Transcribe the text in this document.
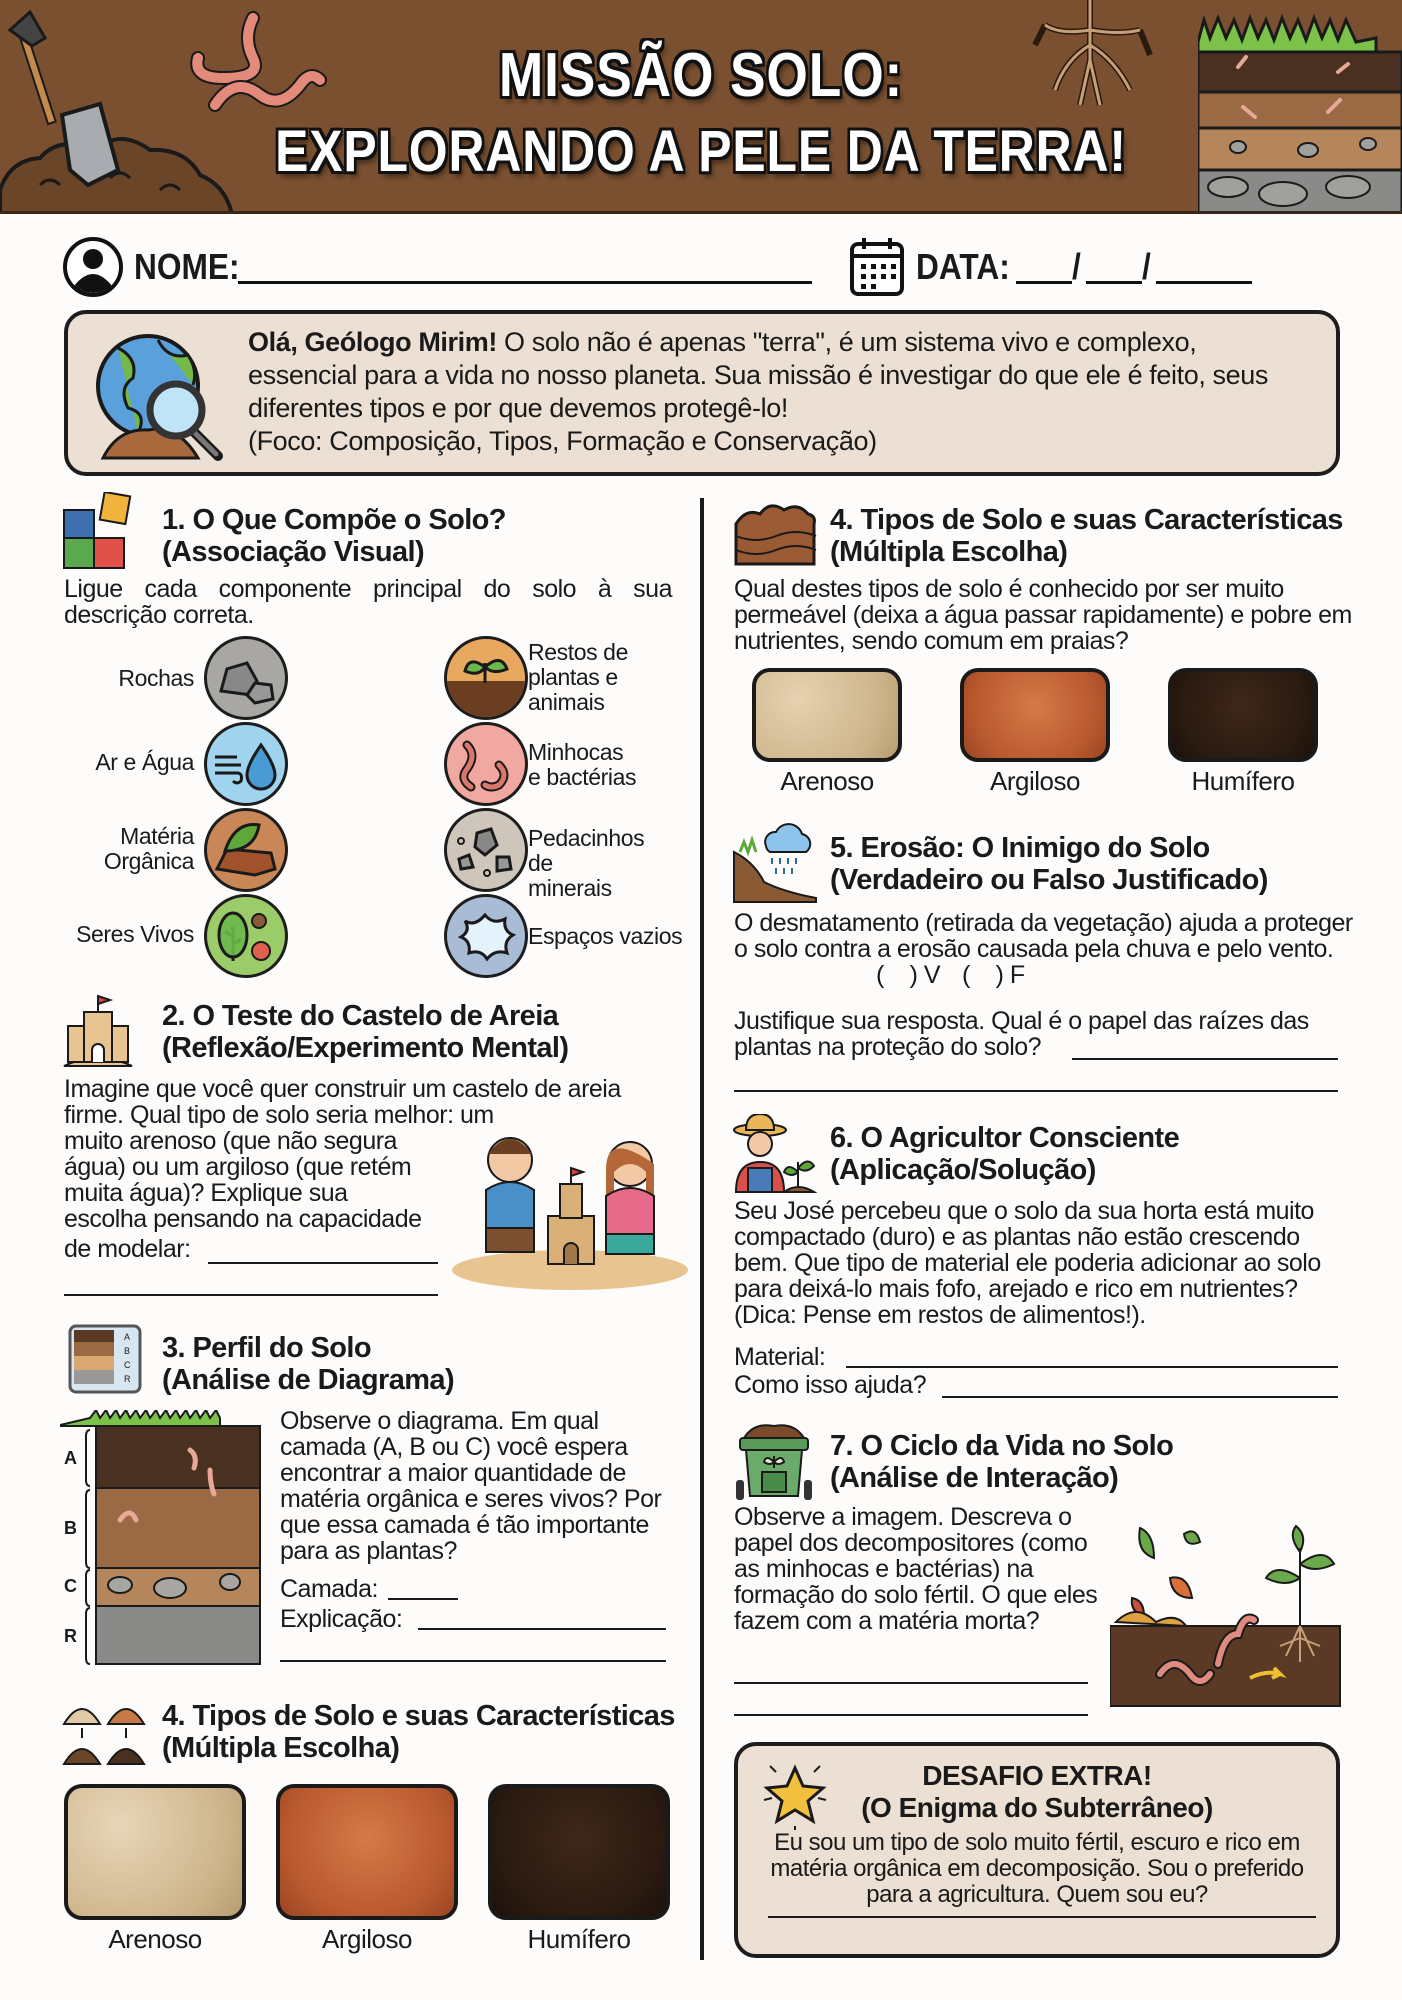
MISSÃO SOLO:
EXPLORANDO A PELE DA TERRA!
NOME:	DATA: / /
Olá, Geólogo Mirim! O solo não é apenas "terra", é um sistema vivo e complexo, essencial para a vida no nosso planeta. Sua missão é investigar do que ele é feito, seus diferentes tipos e por que devemos protegê-lo!
(Foco: Composição, Tipos, Formação e Conservação)
1. O Que Compõe o Solo?
(Associação Visual)
Ligue cada componente principal do solo à sua descrição correta.
Rochas
Ar e Água
Matéria Orgânica
Seres Vivos
Restos de plantas e animais
Minhocas e bactérias
Pedacinhos de minerais
Espaços vazios
2. O Teste do Castelo de Areia
(Reflexão/Experimento Mental)
Imagine que você quer construir um castelo de areia firme. Qual tipo de solo seria melhor: um
muito arenoso (que não segura
água) ou um argiloso (que retém
muita água)? Explique sua
escolha pensando na capacidade
de modelar:
A
B
C
R
3. Perfil do Solo
(Análise de Diagrama)
A
B
C
R
Observe o diagrama. Em qual camada (A, B ou C) você espera encontrar a maior quantidade de matéria orgânica e seres vivos? Por que essa camada é tão importante para as plantas?
Camada:
Explicação:
4. Tipos de Solo e suas Características
(Múltipla Escolha)
Arenoso	Argiloso	Humífero
4. Tipos de Solo e suas Características
(Múltipla Escolha)
Qual destes tipos de solo é conhecido por ser muito permeável (deixa a água passar rapidamente) e pobre em nutrientes, sendo comum em praias?
Arenoso	Argiloso	Humífero
5. Erosão: O Inimigo do Solo
(Verdadeiro ou Falso Justificado)
O desmatamento (retirada da vegetação) ajuda a proteger o solo contra a erosão causada pela chuva e pelo vento.
(    ) V (    ) F
Justifique sua resposta. Qual é o papel das raízes das plantas na proteção do solo?
6. O Agricultor Consciente
(Aplicação/Solução)
Seu José percebeu que o solo da sua horta está muito compactado (duro) e as plantas não estão crescendo bem. Que tipo de material ele poderia adicionar ao solo para deixá-lo mais fofo, arejado e rico em nutrientes? (Dica: Pense em restos de alimentos!).
Material:
Como isso ajuda?
7. O Ciclo da Vida no Solo
(Análise de Interação)
Observe a imagem. Descreva o papel dos decompositores (como as minhocas e bactérias) na formação do solo fértil. O que eles fazem com a matéria morta?
DESAFIO EXTRA!
(O Enigma do Subterrâneo)
Eu sou um tipo de solo muito fértil, escuro e rico em matéria orgânica em decomposição. Sou o preferido para a agricultura. Quem sou eu?
